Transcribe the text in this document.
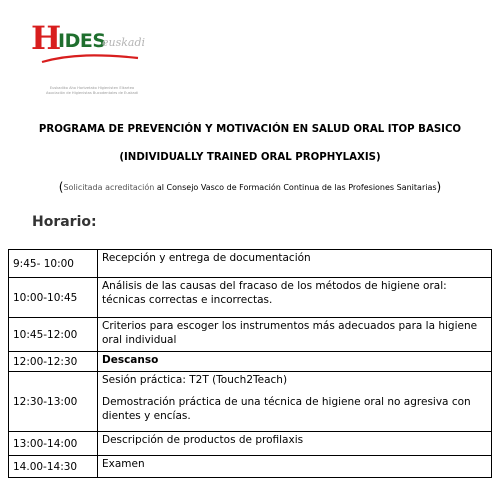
H
IDES
euskadi
Euskadiko Aho Hortzetako Higienisten Elkartea
Asociación de Higienistas Bucodentales de Euskadi
PROGRAMA DE PREVENCIÓN Y MOTIVACIÓN EN SALUD ORAL ITOP BASICO
(INDIVIDUALLY TRAINED ORAL PROPHYLAXIS)
(Solicitada acreditación al Consejo Vasco de Formación Continua de las Profesiones Sanitarias)
Horario:
9:45- 10:00	Recepción y entrega de documentación

10:00-10:45	Análisis de las causas del fracaso de los métodos de higiene oral: técnicas correctas e incorrectas.

10:45-12:00	Criterios para escoger los instrumentos más adecuados para la higiene oral individual

12:00-12:30	Descanso

12:30-13:00	Sesión práctica: T2T (Touch2Teach)
Demostración práctica de una técnica de higiene oral no agresiva con dientes y encías.

13:00-14:00	Descripción de productos de profilaxis

14.00-14:30	Examen
